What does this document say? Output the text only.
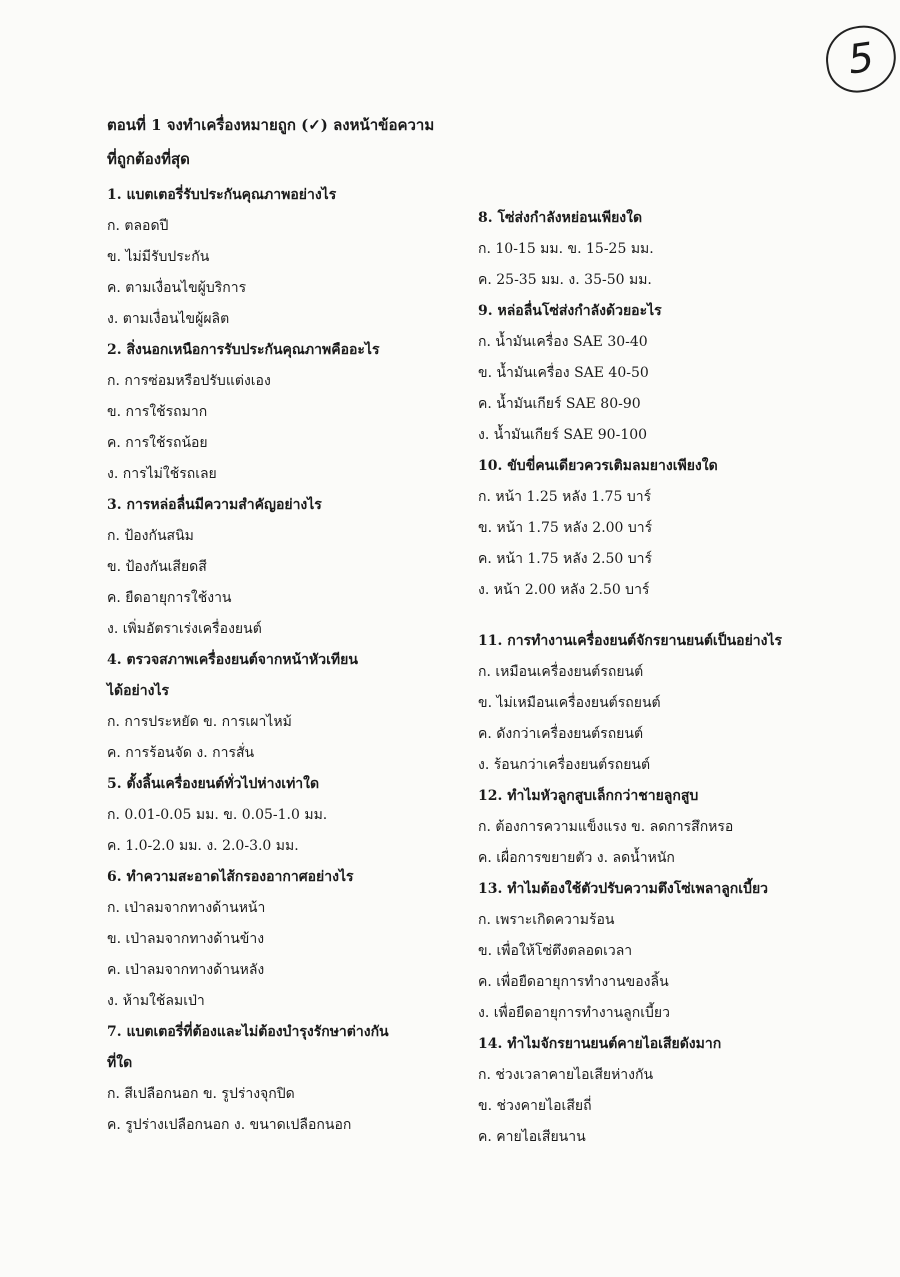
5
ตอนที่ 1 จงทำเครื่องหมายถูก (✓) ลงหน้าข้อความ
ที่ถูกต้องที่สุด
1. แบตเตอรี่รับประกันคุณภาพอย่างไร
ก. ตลอดปี
ข. ไม่มีรับประกัน
ค. ตามเงื่อนไขผู้บริการ
ง. ตามเงื่อนไขผู้ผลิต
2. สิ่งนอกเหนือการรับประกันคุณภาพคืออะไร
ก. การซ่อมหรือปรับแต่งเอง
ข. การใช้รถมาก
ค. การใช้รถน้อย
ง. การไม่ใช้รถเลย
3. การหล่อลื่นมีความสำคัญอย่างไร
ก. ป้องกันสนิม
ข. ป้องกันเสียดสี
ค. ยืดอายุการใช้งาน
ง. เพิ่มอัตราเร่งเครื่องยนต์
4. ตรวจสภาพเครื่องยนต์จากหน้าหัวเทียน
ได้อย่างไร
ก. การประหยัด ข. การเผาไหม้
ค. การร้อนจัด ง. การสั่น
5. ตั้งลิ้นเครื่องยนต์ทั่วไปห่างเท่าใด
ก. 0.01-0.05 มม. ข. 0.05-1.0 มม.
ค. 1.0-2.0 มม. ง. 2.0-3.0 มม.
6. ทำความสะอาดไส้กรองอากาศอย่างไร
ก. เป่าลมจากทางด้านหน้า
ข. เป่าลมจากทางด้านข้าง
ค. เป่าลมจากทางด้านหลัง
ง. ห้ามใช้ลมเป่า
7. แบตเตอรี่ที่ต้องและไม่ต้องบำรุงรักษาต่างกัน
ที่ใด
ก. สีเปลือกนอก ข. รูปร่างจุกปิด
ค. รูปร่างเปลือกนอก ง. ขนาดเปลือกนอก
8. โซ่ส่งกำลังหย่อนเพียงใด
ก. 10-15 มม. ข. 15-25 มม.
ค. 25-35 มม. ง. 35-50 มม.
9. หล่อลื่นโซ่ส่งกำลังด้วยอะไร
ก. น้ำมันเครื่อง SAE 30-40
ข. น้ำมันเครื่อง SAE 40-50
ค. น้ำมันเกียร์ SAE 80-90
ง. น้ำมันเกียร์ SAE 90-100
10. ขับขี่คนเดียวควรเติมลมยางเพียงใด
ก. หน้า 1.25 หลัง 1.75 บาร์
ข. หน้า 1.75 หลัง 2.00 บาร์
ค. หน้า 1.75 หลัง 2.50 บาร์
ง. หน้า 2.00 หลัง 2.50 บาร์
11. การทำงานเครื่องยนต์จักรยานยนต์เป็นอย่างไร
ก. เหมือนเครื่องยนต์รถยนต์
ข. ไม่เหมือนเครื่องยนต์รถยนต์
ค. ดังกว่าเครื่องยนต์รถยนต์
ง. ร้อนกว่าเครื่องยนต์รถยนต์
12. ทำไมหัวลูกสูบเล็กกว่าชายลูกสูบ
ก. ต้องการความแข็งแรง ข. ลดการสึกหรอ
ค. เผื่อการขยายตัว ง. ลดน้ำหนัก
13. ทำไมต้องใช้ตัวปรับความตึงโซ่เพลาลูกเบี้ยว
ก. เพราะเกิดความร้อน
ข. เพื่อให้โซ่ตึงตลอดเวลา
ค. เพื่อยืดอายุการทำงานของลิ้น
ง. เพื่อยืดอายุการทำงานลูกเบี้ยว
14. ทำไมจักรยานยนต์คายไอเสียดังมาก
ก. ช่วงเวลาคายไอเสียห่างกัน
ข. ช่วงคายไอเสียถี่
ค. คายไอเสียนาน
